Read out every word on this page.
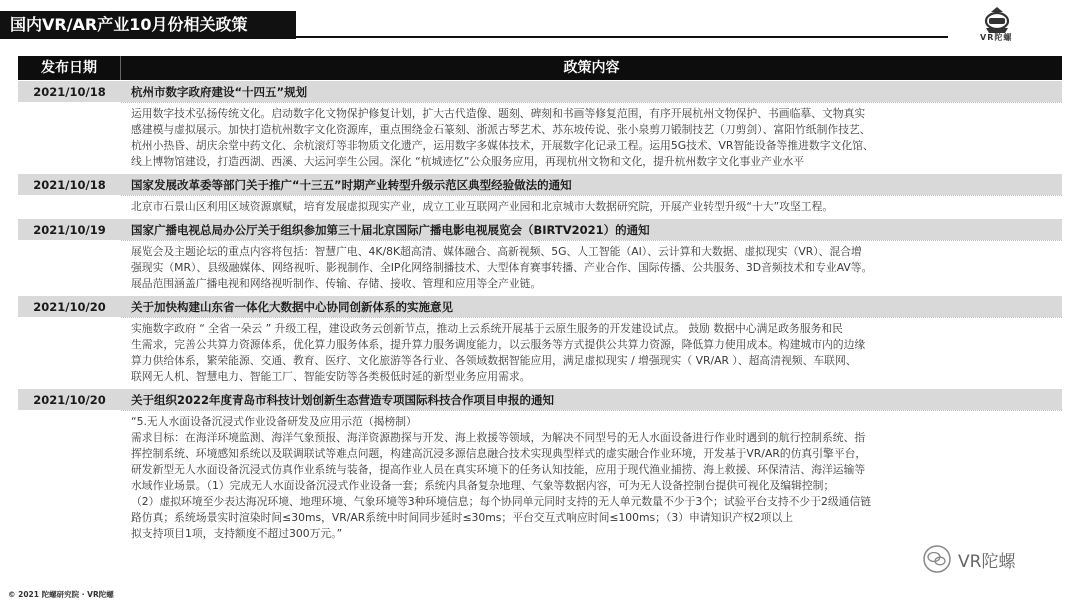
国内VR/AR产业10月份相关政策
VR陀螺
发布日期	政策内容
2021/10/18	杭州市数字政府建设“十四五”规划

运用数字技术弘扬传统文化。启动数字化文物保护修复计划，扩大古代造像、题刻、碑刻和书画等修复范围，有序开展杭州文物保护、书画临摹、文物真实

感建模与虚拟展示。加快打造杭州数字文化资源库，重点围绕金石篆刻、浙派古琴艺术、苏东坡传说、张小泉剪刀锻制技艺（刀剪剑）、富阳竹纸制作技艺、

杭州小热昏、胡庆余堂中药文化、余杭滚灯等非物质文化遗产，运用数字多媒体技术，开展数字化记录工程。运用5G技术、VR智能设备等推进数字文化馆、

线上博物馆建设，打造西湖、西溪、大运河孪生公园。深化 “杭城迹忆”公众服务应用，再现杭州文物和文化，提升杭州数字文化事业产业水平

2021/10/18	国家发展改革委等部门关于推广“十三五”时期产业转型升级示范区典型经验做法的通知

北京市石景山区利用区域资源禀赋，培育发展虚拟现实产业，成立工业互联网产业园和北京城市大数据研究院，开展产业转型升级“十大”攻坚工程。

2021/10/19	国家广播电视总局办公厅关于组织参加第三十届北京国际广播电影电视展览会（BIRTV2021）的通知

展览会及主题论坛的重点内容将包括：智慧广电、4K/8K超高清、媒体融合、高新视频、5G、人工智能（AI）、云计算和大数据、虚拟现实（VR）、混合增

强现实（MR）、县级融媒体、网络视听、影视制作、全IP化网络制播技术、大型体育赛事转播、产业合作、国际传播、公共服务、3D音频技术和专业AV等。

展品范围涵盖广播电视和网络视听制作、传输、存储、接收、管理和应用等全产业链。

2021/10/20	关于加快构建山东省一体化大数据中心协同创新体系的实施意见

实施数字政府 “ 全省一朵云 ” 升级工程，建设政务云创新节点，推动上云系统开展基于云原生服务的开发建设试点。 鼓励 数据中心满足政务服务和民

生需求，完善公共算力资源体系，优化算力服务体系，提升算力服务调度能力，以云服务等方式提供公共算力资源，降低算力使用成本。构建城市内的边缘

算力供给体系，繁荣能源、交通、教育、医疗、文化旅游等各行业、各领域数据智能应用，满足虚拟现实 / 增强现实（ VR/AR ）、超高清视频、车联网、

联网无人机、智慧电力、智能工厂、智能安防等各类极低时延的新型业务应用需求。

2021/10/20	关于组织2022年度青岛市科技计划创新生态营造专项国际科技合作项目申报的通知

“5.无人水面设备沉浸式作业设备研发及应用示范（揭榜制）

需求目标：在海洋环境监测、海洋气象预报、海洋资源勘探与开发、海上救援等领域，为解决不同型号的无人水面设备进行作业时遇到的航行控制系统、指

挥控制系统、环境感知系统以及联调联试等难点问题，构建高沉浸多源信息融合技术实现典型样式的虚实融合作业环境，开发基于VR/AR的仿真引擎平台，

研发新型无人水面设备沉浸式仿真作业系统与装备，提高作业人员在真实环境下的任务认知技能，应用于现代渔业捕捞、海上救援、环保清洁、海洋运输等

水域作业场景。（1）完成无人水面设备沉浸式作业设备一套；系统内具备复杂地理、气象等数据内容，可为无人设备控制台提供可视化及编辑控制；

（2）虚拟环境至少表达海况环境、地理环境、气象环境等3种环境信息；每个协同单元同时支持的无人单元数量不少于3个；试验平台支持不少于2级通信链

路仿真；系统场景实时渲染时间≤30ms，VR/AR系统中时间同步延时≤30ms；平台交互式响应时间≤100ms；（3）申请知识产权2项以上

拟支持项目1项，支持额度不超过300万元。”

© 2021 陀螺研究院 · VR陀螺
VR陀螺
